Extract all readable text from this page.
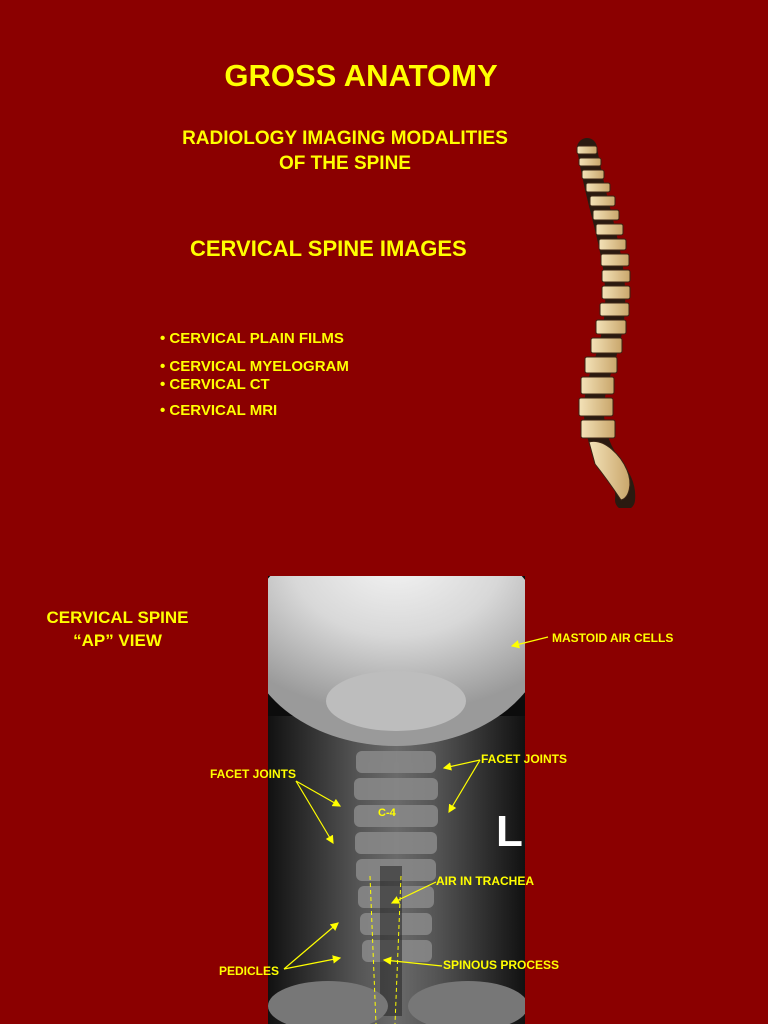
GROSS ANATOMY
RADIOLOGY IMAGING MODALITIES
OF THE SPINE
CERVICAL SPINE IMAGES
• CERVICAL PLAIN FILMS
• CERVICAL MYELOGRAM
• CERVICAL CT
• CERVICAL MRI
CERVICAL SPINE
“AP” VIEW
L
C-4
MASTOID AIR CELLS
FACET JOINTS
FACET JOINTS
AIR IN TRACHEA
PEDICLES	SPINOUS PROCESS
